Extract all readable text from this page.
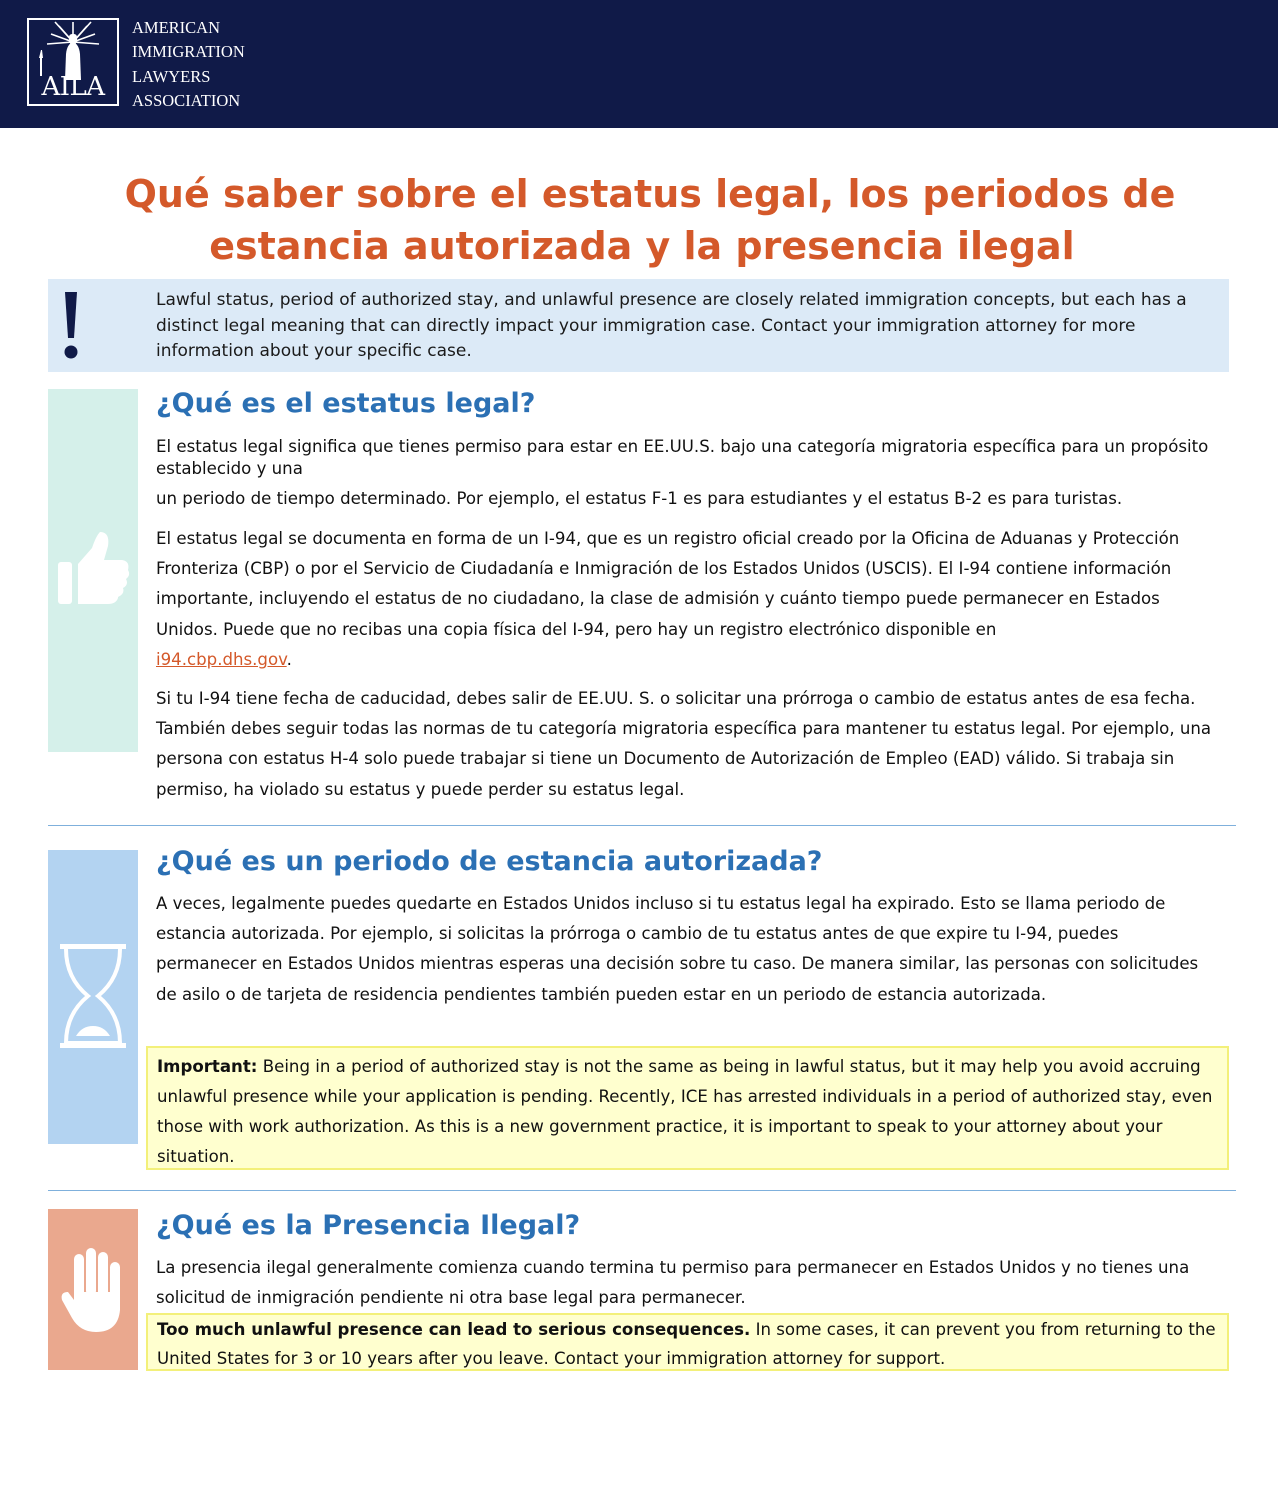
AILA
AMERICAN
IMMIGRATION
LAWYERS
ASSOCIATION
Qué saber sobre el estatus legal, los periodos de
estancia autorizada y la presencia ilegal
Lawful status, period of authorized stay, and unlawful presence are closely related immigration concepts, but each has a distinct legal meaning that can directly impact your immigration case. Contact your immigration attorney for more information about your specific case.
¿Qué es el estatus legal?
El estatus legal significa que tienes permiso para estar en EE.UU.S. bajo una categoría migratoria específica para un propósito establecido y una
un periodo de tiempo determinado. Por ejemplo, el estatus F-1 es para estudiantes y el estatus B-2 es para turistas.
El estatus legal se documenta en forma de un I-94, que es un registro oficial creado por la Oficina de Aduanas y Protección Fronteriza (CBP) o por el Servicio de Ciudadanía e Inmigración de los Estados Unidos (USCIS). El I-94 contiene información importante, incluyendo el estatus de no ciudadano, la clase de admisión y cuánto tiempo puede permanecer en Estados Unidos. Puede que no recibas una copia física del I-94, pero hay un registro electrónico disponible en
i94.cbp.dhs.gov.
Si tu I-94 tiene fecha de caducidad, debes salir de EE.UU. S. o solicitar una prórroga o cambio de estatus antes de esa fecha. También debes seguir todas las normas de tu categoría migratoria específica para mantener tu estatus legal. Por ejemplo, una persona con estatus H-4 solo puede trabajar si tiene un Documento de Autorización de Empleo (EAD) válido. Si trabaja sin permiso, ha violado su estatus y puede perder su estatus legal.
¿Qué es un periodo de estancia autorizada?
A veces, legalmente puedes quedarte en Estados Unidos incluso si tu estatus legal ha expirado. Esto se llama periodo de estancia autorizada. Por ejemplo, si solicitas la prórroga o cambio de tu estatus antes de que expire tu I-94, puedes permanecer en Estados Unidos mientras esperas una decisión sobre tu caso. De manera similar, las personas con solicitudes de asilo o de tarjeta de residencia pendientes también pueden estar en un periodo de estancia autorizada.
Important: Being in a period of authorized stay is not the same as being in lawful status, but it may help you avoid accruing unlawful presence while your application is pending. Recently, ICE has arrested individuals in a period of authorized stay, even those with work authorization. As this is a new government practice, it is important to speak to your attorney about your situation.
¿Qué es la Presencia Ilegal?
La presencia ilegal generalmente comienza cuando termina tu permiso para permanecer en Estados Unidos y no tienes una solicitud de inmigración pendiente ni otra base legal para permanecer.
Too much unlawful presence can lead to serious consequences. In some cases, it can prevent you from returning to the United States for 3 or 10 years after you leave. Contact your immigration attorney for support.
